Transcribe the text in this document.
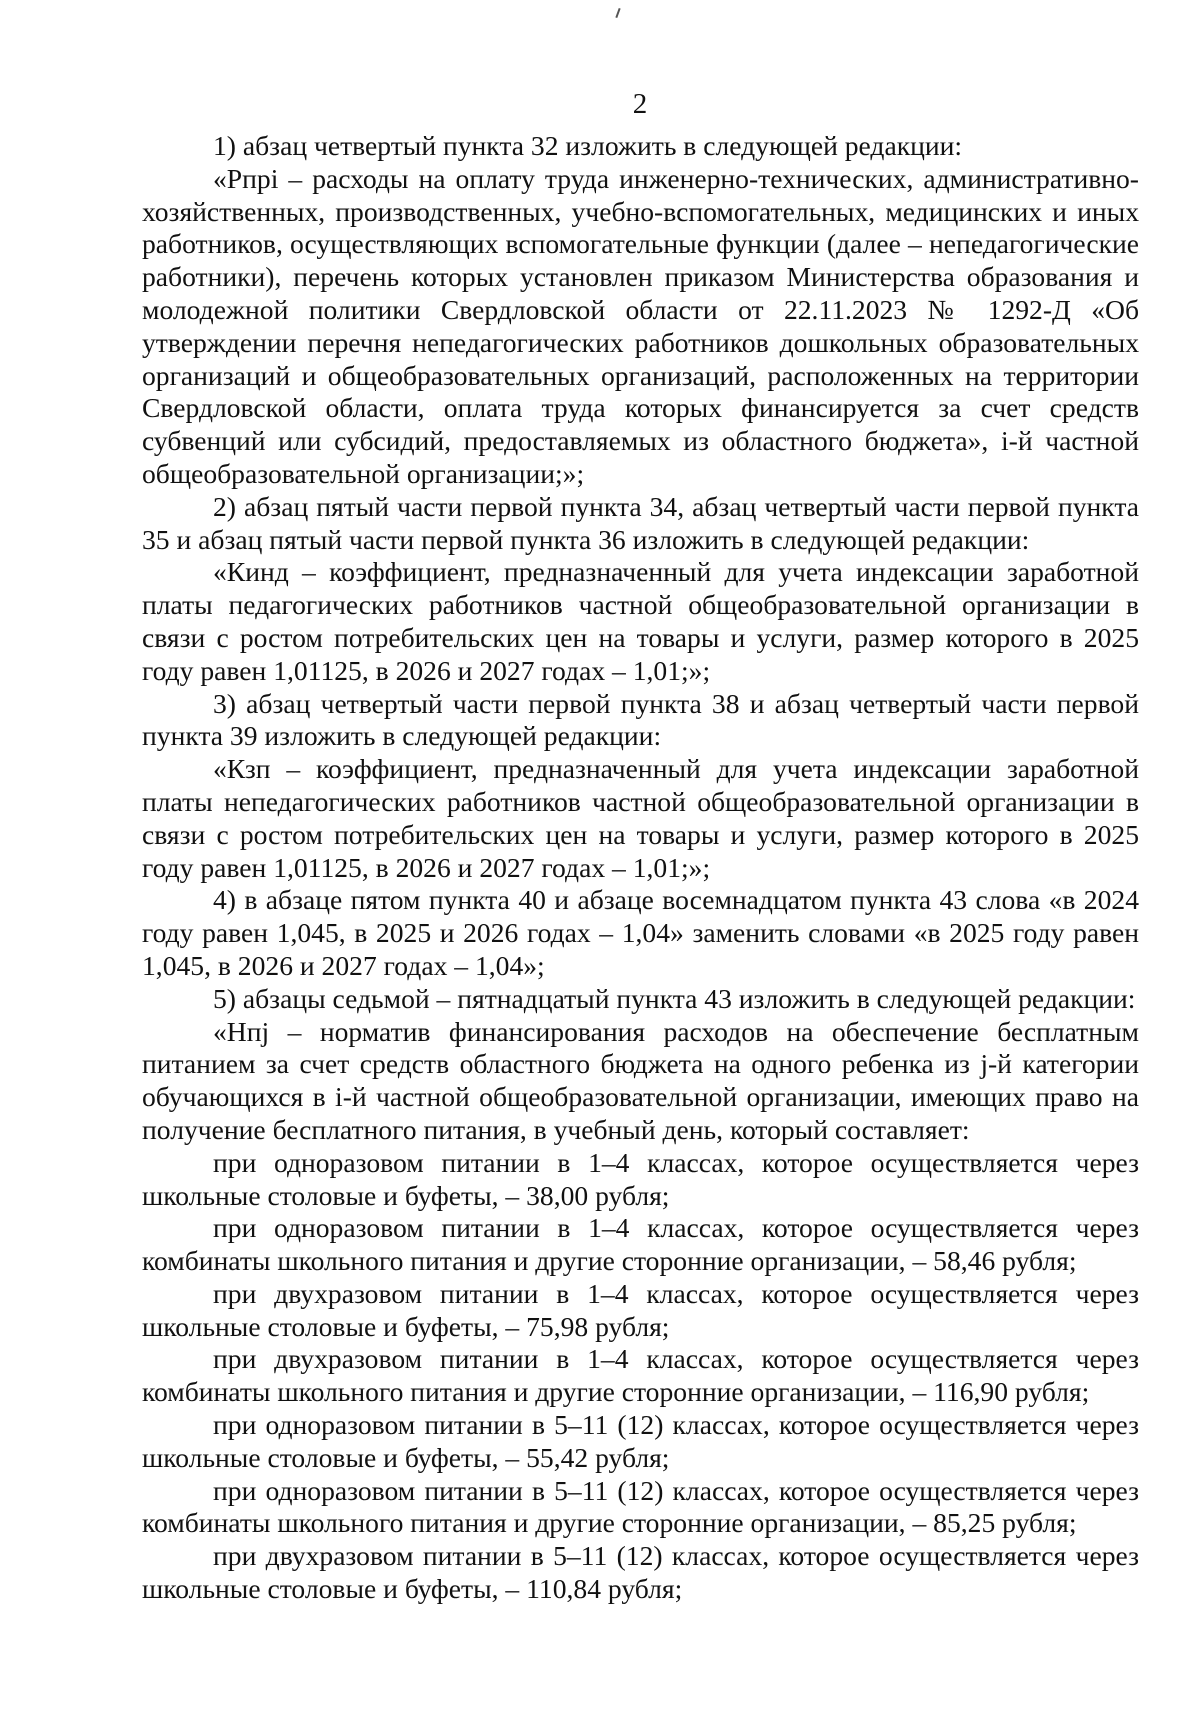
2

1) абзац четвертый пункта 32 изложить в следующей редакции:

«Рпрi – расходы на оплату труда инженерно-технических, административно-хозяйственных, производственных, учебно-вспомогательных, медицинских и иных работников, осуществляющих вспомогательные функции (далее – непедагогические работники), перечень которых установлен приказом Министерства образования и молодежной политики Свердловской области от 22.11.2023 № 1292-Д «Об утверждении перечня непедагогических работников дошкольных образовательных организаций и общеобразовательных организаций, расположенных на территории Свердловской области, оплата труда которых финансируется за счет средств субвенций или субсидий, предоставляемых из областного бюджета», i-й частной общеобразовательной организации;»;

2) абзац пятый части первой пункта 34, абзац четвертый части первой пункта 35 и абзац пятый части первой пункта 36 изложить в следующей редакции:

«Кинд – коэффициент, предназначенный для учета индексации заработной платы педагогических работников частной общеобразовательной организации в связи с ростом потребительских цен на товары и услуги, размер которого в 2025 году равен 1,01125, в 2026 и 2027 годах – 1,01;»;

3) абзац четвертый части первой пункта 38 и абзац четвертый части первой пункта 39 изложить в следующей редакции:

«Кзп – коэффициент, предназначенный для учета индексации заработной платы непедагогических работников частной общеобразовательной организации в связи с ростом потребительских цен на товары и услуги, размер которого в 2025 году равен 1,01125, в 2026 и 2027 годах – 1,01;»;

4) в абзаце пятом пункта 40 и абзаце восемнадцатом пункта 43 слова «в 2024 году равен 1,045, в 2025 и 2026 годах – 1,04» заменить словами «в 2025 году равен 1,045, в 2026 и 2027 годах – 1,04»;

5) абзацы седьмой – пятнадцатый пункта 43 изложить в следующей редакции:

«Нпj – норматив финансирования расходов на обеспечение бесплатным питанием за счет средств областного бюджета на одного ребенка из j-й категории обучающихся в i-й частной общеобразовательной организации, имеющих право на получение бесплатного питания, в учебный день, который составляет:

при одноразовом питании в 1–4 классах, которое осуществляется через школьные столовые и буфеты, – 38,00 рубля;

при одноразовом питании в 1–4 классах, которое осуществляется через комбинаты школьного питания и другие сторонние организации, – 58,46 рубля;

при двухразовом питании в 1–4 классах, которое осуществляется через школьные столовые и буфеты, – 75,98 рубля;

при двухразовом питании в 1–4 классах, которое осуществляется через комбинаты школьного питания и другие сторонние организации, – 116,90 рубля;

при одноразовом питании в 5–11 (12) классах, которое осуществляется через школьные столовые и буфеты, – 55,42 рубля;

при одноразовом питании в 5–11 (12) классах, которое осуществляется через комбинаты школьного питания и другие сторонние организации, – 85,25 рубля;

при двухразовом питании в 5–11 (12) классах, которое осуществляется через школьные столовые и буфеты, – 110,84 рубля;
